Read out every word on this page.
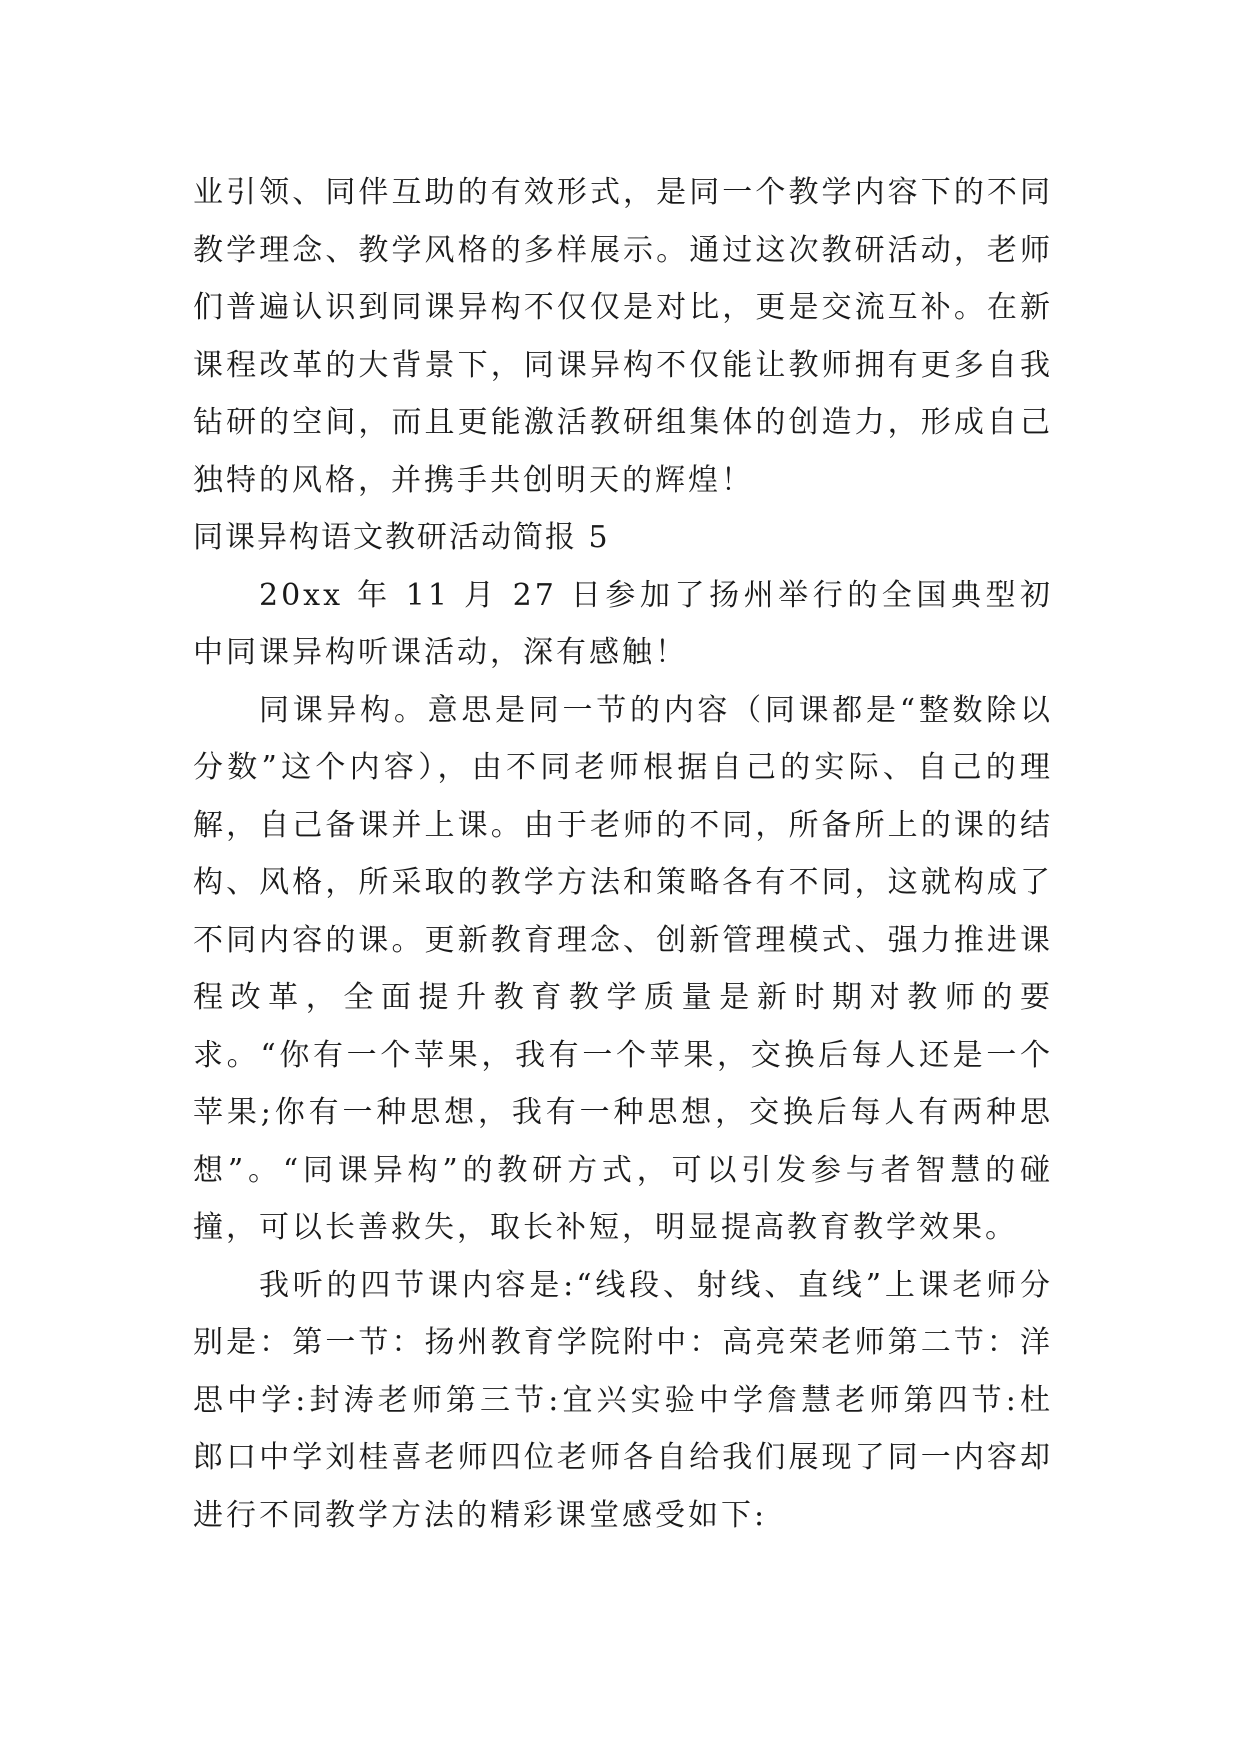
业引领、同伴互助的有效形式，是同一个教学内容下的不同教学理念、教学风格的多样展示。通过这次教研活动，老师们普遍认识到同课异构不仅仅是对比，更是交流互补。在新课程改革的大背景下，同课异构不仅能让教师拥有更多自我钻研的空间，而且更能激活教研组集体的创造力，形成自己独特的风格，并携手共创明天的辉煌！

同课异构语文教研活动简报 5

20xx 年 11 月 27 日参加了扬州举行的全国典型初中同课异构听课活动，深有感触！

同课异构。意思是同一节的内容（同课都是“整数除以分数”这个内容），由不同老师根据自己的实际、自己的理解，自己备课并上课。由于老师的不同，所备所上的课的结构、风格，所采取的教学方法和策略各有不同，这就构成了不同内容的课。更新教育理念、创新管理模式、强力推进课程改革，全面提升教育教学质量是新时期对教师的要求。“你有一个苹果，我有一个苹果，交换后每人还是一个苹果;你有一种思想，我有一种思想，交换后每人有两种思想”。“同课异构”的教研方式，可以引发参与者智慧的碰撞，可以长善救失，取长补短，明显提高教育教学效果。

我听的四节课内容是:“线段、射线、直线”上课老师分别是：第一节：扬州教育学院附中：高亮荣老师第二节：洋思中学:封涛老师第三节:宜兴实验中学詹慧老师第四节:杜郎口中学刘桂喜老师四位老师各自给我们展现了同一内容却进行不同教学方法的精彩课堂感受如下:
